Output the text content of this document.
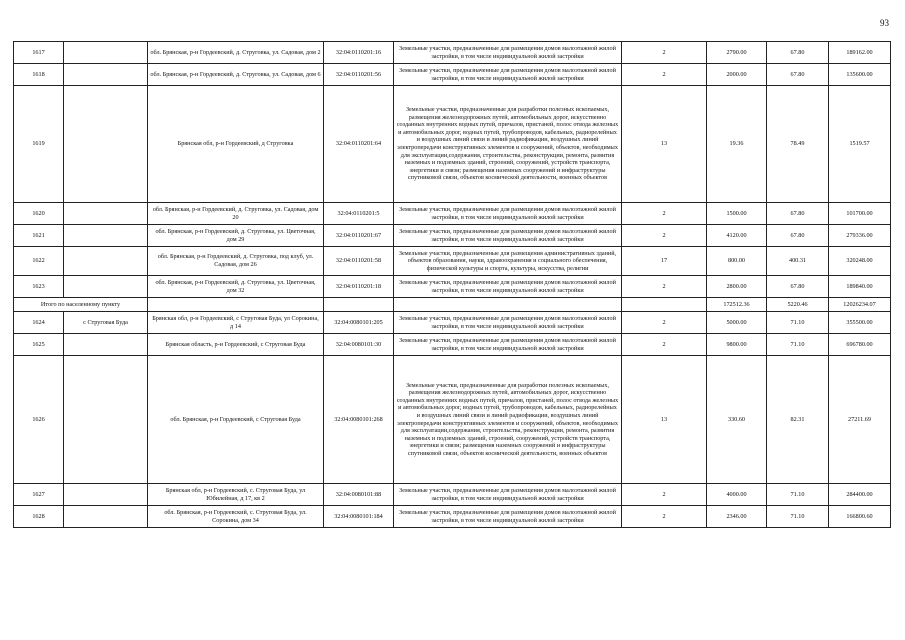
93
1617		обл. Брянская, р-н Гордеевский, д. Струговка, ул. Садовая, дом 2	32:04:0110201:16	Земельные участки, предназначенные для размещения домов малоэтажной жилой застройки, в том числе индивидуальной жилой застройки	2	2790.00	67.80	189162.00
1618		обл. Брянская, р-н Гордеевский, д. Струговка, ул. Садовая, дом 6	32:04:0110201:56	Земельные участки, предназначенные для размещения домов малоэтажной жилой застройки, в том числе индивидуальной жилой застройки	2	2000.00	67.80	135600.00
1619		Брянская обл, р-н Гордеевский, д Струговка	32:04:0110201:64	Земельные участки, предназначенные для разработки полезных ископаемых, размещения железнодорожных путей, автомобильных дорог, искусственно созданных внутренних водных путей, причалов, пристаней, полос отвода железных и автомобильных дорог, водных путей, трубопроводов, кабельных, радиорелейных и воздушных линий связи и линий радиофикации, воздушных линий электропередачи конструктивных элементов и сооружений, объектов, необходимых для эксплуатации,содержания, строительства, реконструкции, ремонта, развития наземных и подземных зданий, строений, сооружений, устройств транспорта, энергетики и связи; размещения наземных сооружений и инфраструктуры спутниковой связи, объектов космической деятельности, военных объектов	13	19.36	78.49	1519.57
1620		обл. Брянская, р-н Гордеевский, д. Струговка, ул. Садовая, дом 20	32:04:0110201:5	Земельные участки, предназначенные для размещения домов малоэтажной жилой застройки, в том числе индивидуальной жилой застройки	2	1500.00	67.80	101700.00
1621		обл. Брянская, р-н Гордеевский, д. Струговка, ул. Цветочная, дом 29	32:04:0110201:67	Земельные участки, предназначенные для размещения домов малоэтажной жилой застройки, в том числе индивидуальной жилой застройки	2	4120.00	67.80	279336.00
1622		обл. Брянская, р-н Гордеевский, д. Струговка, под клуб, ул. Садовая, дом 26	32:04:0110201:58	Земельные участки, предназначенные для размещения административных зданий, объектов образования, науки, здравоохранения и социального обеспечения, физической культуры и спорта, культуры, искусства, религии	17	800.00	400.31	320248.00
1623		обл. Брянская, р-н Гордеевский, д. Струговка, ул. Цветочная, дом 32	32:04:0110201:18	Земельные участки, предназначенные для размещения домов малоэтажной жилой застройки, в том числе индивидуальной жилой застройки	2	2800.00	67.80	189840.00
Итого по населенному пункту						172512.36	5220.46	12026234.07
1624	с Струговая Буда	Брянская обл, р-н Гордеевский, с Струговая Буда, ул Сорокина, д 14	32:04:0080101:205	Земельные участки, предназначенные для размещения домов малоэтажной жилой застройки, в том числе индивидуальной жилой застройки	2	5000.00	71.10	355500.00
1625		Брянская область, р-н Гордеевский, с Струговая Буда	32:04:0080101:30	Земельные участки, предназначенные для размещения домов малоэтажной жилой застройки, в том числе индивидуальной жилой застройки	2	9800.00	71.10	696780.00
1626		обл. Брянская, р-н Гордеевский, с Струговая Буда	32:04:0080101:268	Земельные участки, предназначенные для разработки полезных ископаемых, размещения железнодорожных путей, автомобильных дорог, искусственно созданных внутренних водных путей, причалов, пристаней, полос отвода железных и автомобильных дорог, водных путей, трубопроводов, кабельных, радиорелейных и воздушных линий связи и линий радиофикации, воздушных линий электропередачи конструктивных элементов и сооружений, объектов, необходимых для эксплуатации,содержания, строительства, реконструкции, ремонта, развития наземных и подземных зданий, строений, сооружений, устройств транспорта, энергетики и связи; размещения наземных сооружений и инфраструктуры спутниковой связи, объектов космической деятельности, военных объектов	13	330.60	82.31	27211.69
1627		Брянская обл, р-н Гордеевский, с. Струговая Буда, ул Юбилейная, д 17, кв 2	32:04:0080101:88	Земельные участки, предназначенные для размещения домов малоэтажной жилой застройки, в том числе индивидуальной жилой застройки	2	4000.00	71.10	284400.00
1628		обл. Брянская, р-н Гордеевский, с. Струговая Буда, ул. Сорокина, дом 34	32:04:0080101:184	Земельные участки, предназначенные для размещения домов малоэтажной жилой застройки, в том числе индивидуальной жилой застройки	2	2346.00	71.10	166800.60
